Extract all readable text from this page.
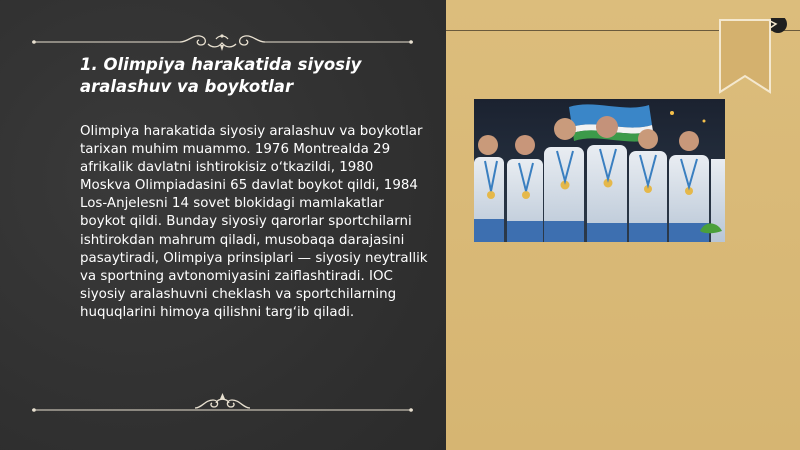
1. Olimpiya harakatida siyosiy aralashuv va boykotlar

Olimpiya harakatida siyosiy aralashuv va boykotlar tarixan muhim muammo. 1976 Montrealda 29 afrikalik davlatni ishtirokisiz oʻtkazildi, 1980 Moskva Olimpiadasini 65 davlat boykot qildi, 1984 Los-Anjelesni 14 sovet blokidagi mamlakatlar boykot qildi. Bunday siyosiy qarorlar sportchilarni ishtirokdan mahrum qiladi, musobaqa darajasini pasaytiradi, Olimpiya prinsiplari — siyosiy neytrallik va sportning avtonomiyasini zaiflashtiradi. IOC siyosiy aralashuvni cheklash va sportchilarning huquqlarini himoya qilishni targʻib qiladi.
